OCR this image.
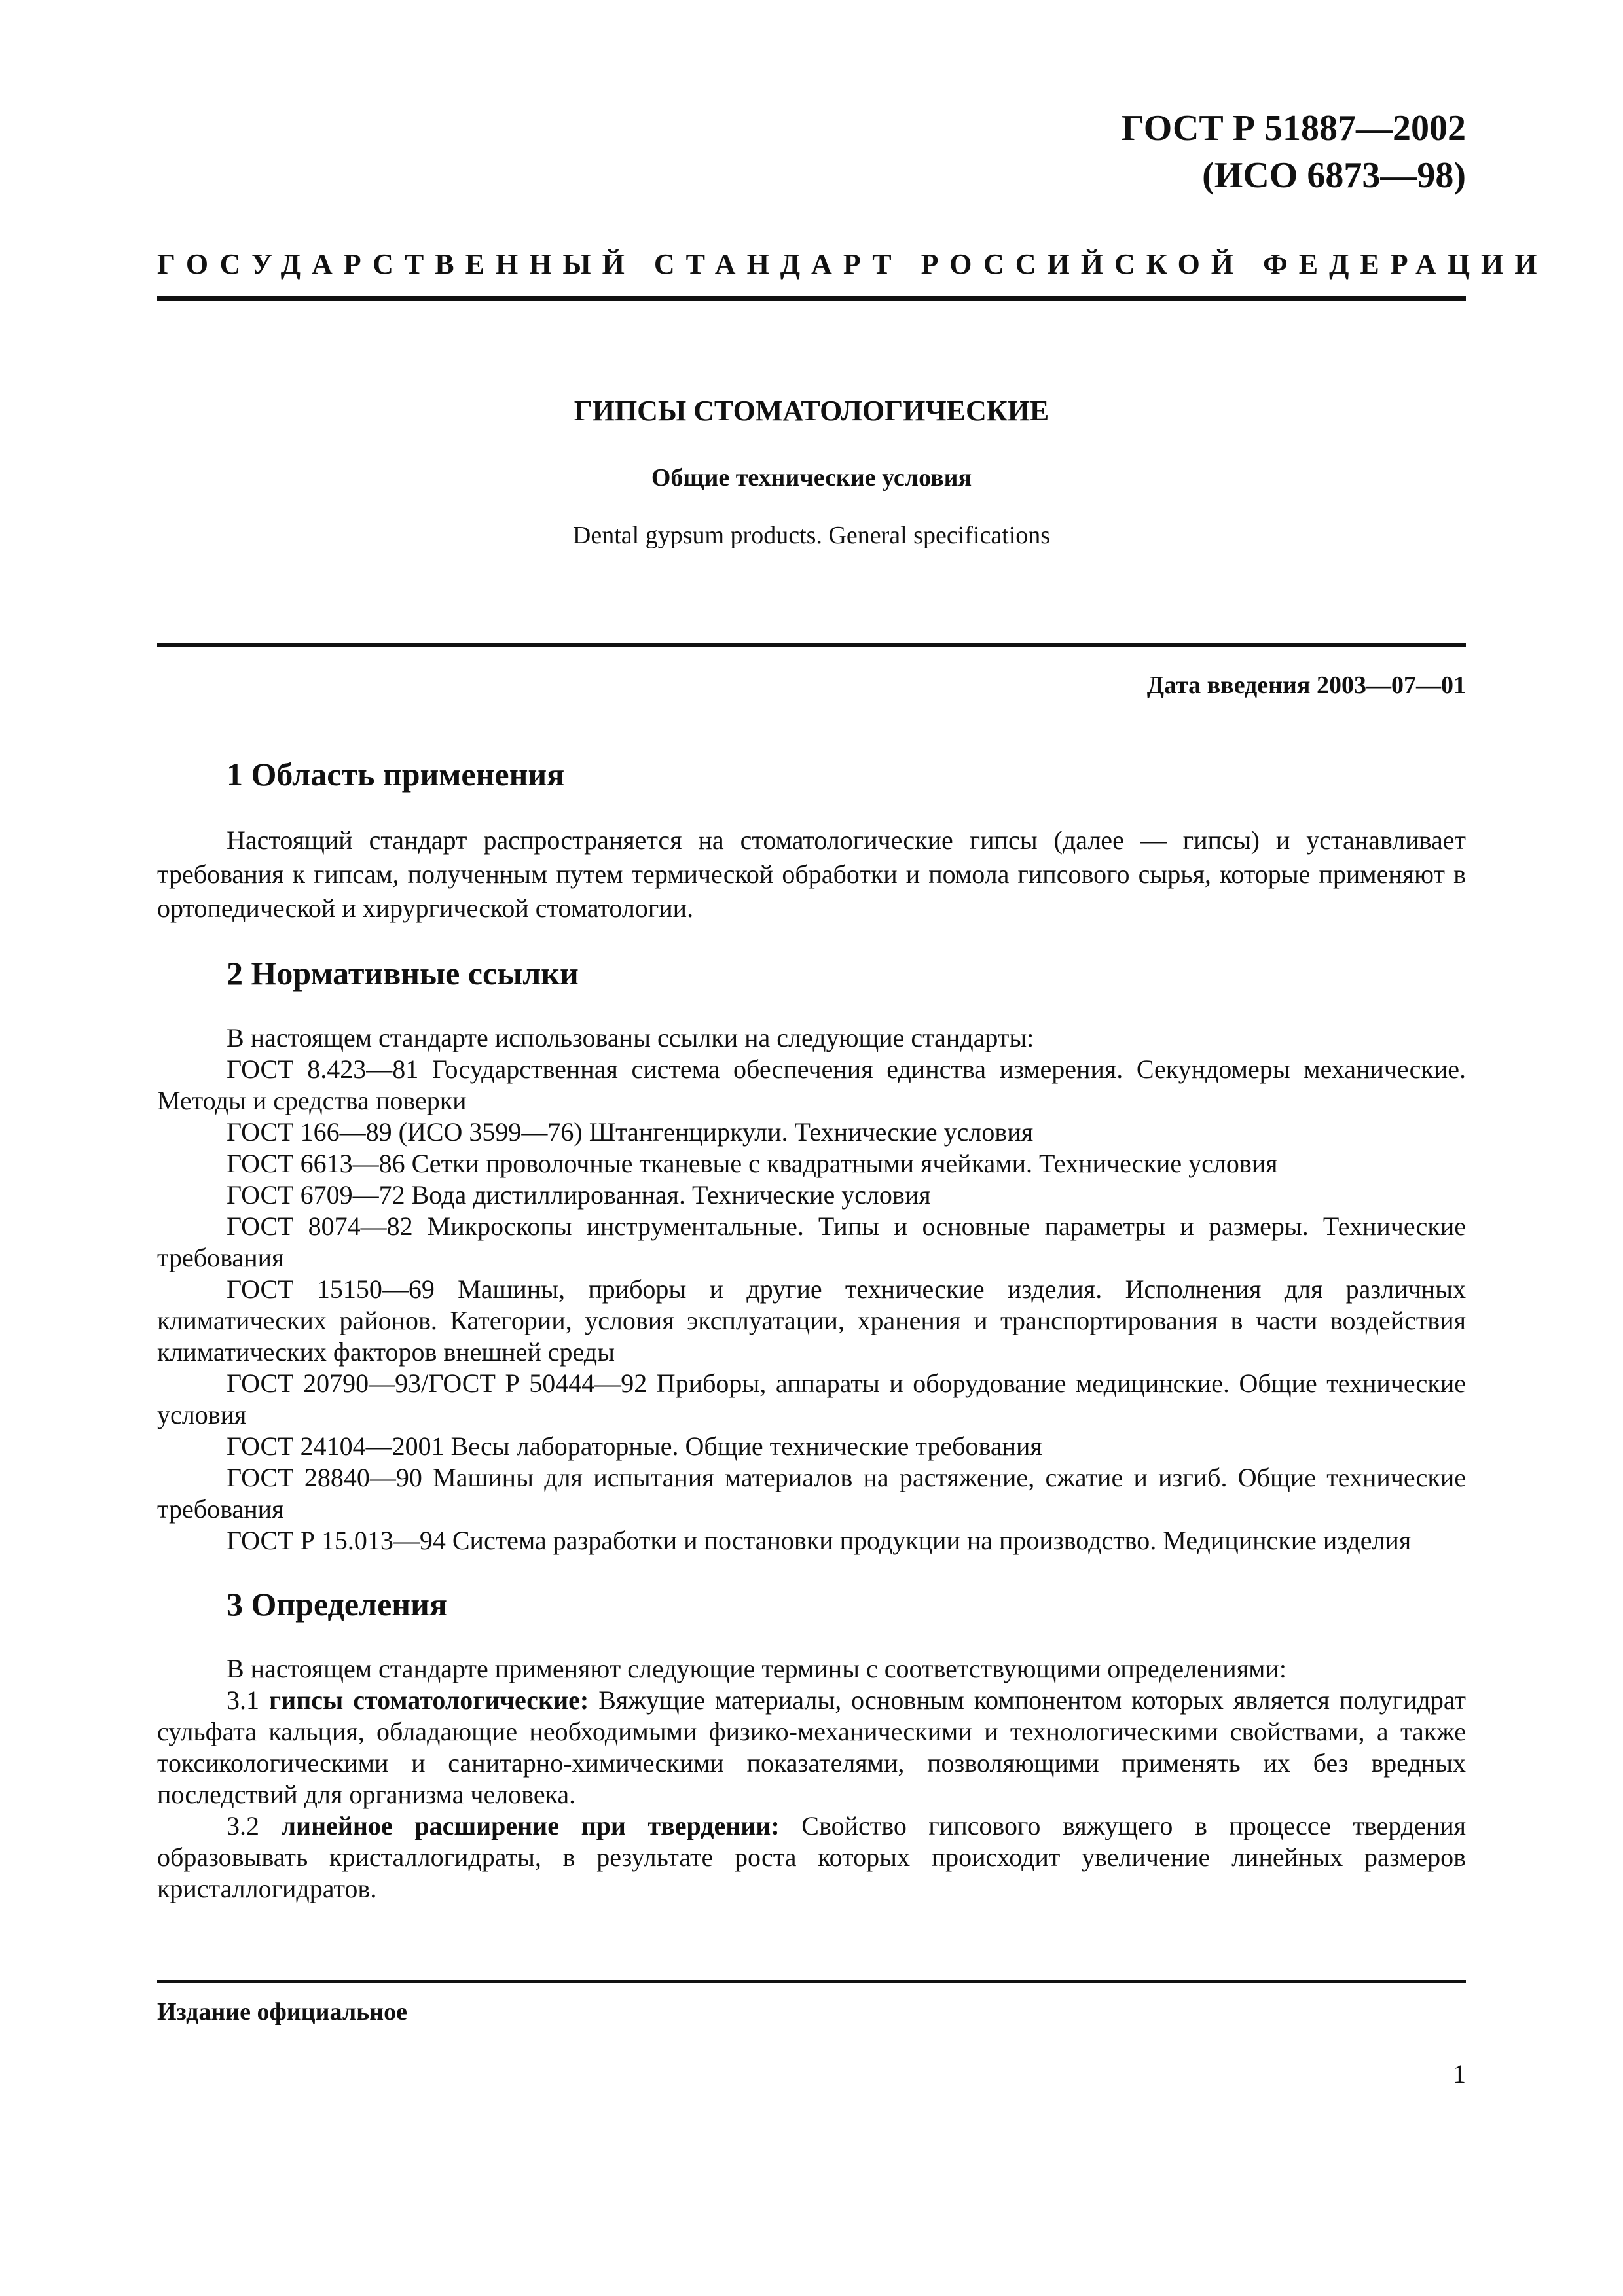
ГОСТ Р 51887—2002
(ИСО 6873—98)
ГОСУДАРСТВЕННЫЙ СТАНДАРТ РОССИЙСКОЙ ФЕДЕРАЦИИ
ГИПСЫ СТОМАТОЛОГИЧЕСКИЕ
Общие технические условия
Dental gypsum products. General specifications
Дата введения 2003—07—01
1 Область применения

Настоящий стандарт распространяется на стоматологические гипсы (далее — гипсы) и устанавливает требования к гипсам, полученным путем термической обработки и помола гипсового сырья, которые применяют в ортопедической и хирургической стоматологии.

2 Нормативные ссылки

В настоящем стандарте использованы ссылки на следующие стандарты:

ГОСТ 8.423—81 Государственная система обеспечения единства измерения. Секундомеры механические. Методы и средства поверки

ГОСТ 166—89 (ИСО 3599—76) Штангенциркули. Технические условия

ГОСТ 6613—86 Сетки проволочные тканевые с квадратными ячейками. Технические условия

ГОСТ 6709—72 Вода дистиллированная. Технические условия

ГОСТ 8074—82 Микроскопы инструментальные. Типы и основные параметры и размеры. Технические требования

ГОСТ 15150—69 Машины, приборы и другие технические изделия. Исполнения для различных климатических районов. Категории, условия эксплуатации, хранения и транспортирования в части воздействия климатических факторов внешней среды

ГОСТ 20790—93/ГОСТ Р 50444—92 Приборы, аппараты и оборудование медицинские. Общие технические условия

ГОСТ 24104—2001 Весы лабораторные. Общие технические требования

ГОСТ 28840—90 Машины для испытания материалов на растяжение, сжатие и изгиб. Общие технические требования

ГОСТ Р 15.013—94 Система разработки и постановки продукции на производство. Медицинские изделия

3 Определения

В настоящем стандарте применяют следующие термины с соответствующими определениями:

3.1 гипсы стоматологические: Вяжущие материалы, основным компонентом которых является полугидрат сульфата кальция, обладающие необходимыми физико-механическими и технологическими свойствами, а также токсикологическими и санитарно-химическими показателями, позволяющими применять их без вредных последствий для организма человека.

3.2 линейное расширение при твердении: Свойство гипсового вяжущего в процессе твердения образовывать кристаллогидраты, в результате роста которых происходит увеличение линейных размеров кристаллогидратов.

Издание официальное
1
